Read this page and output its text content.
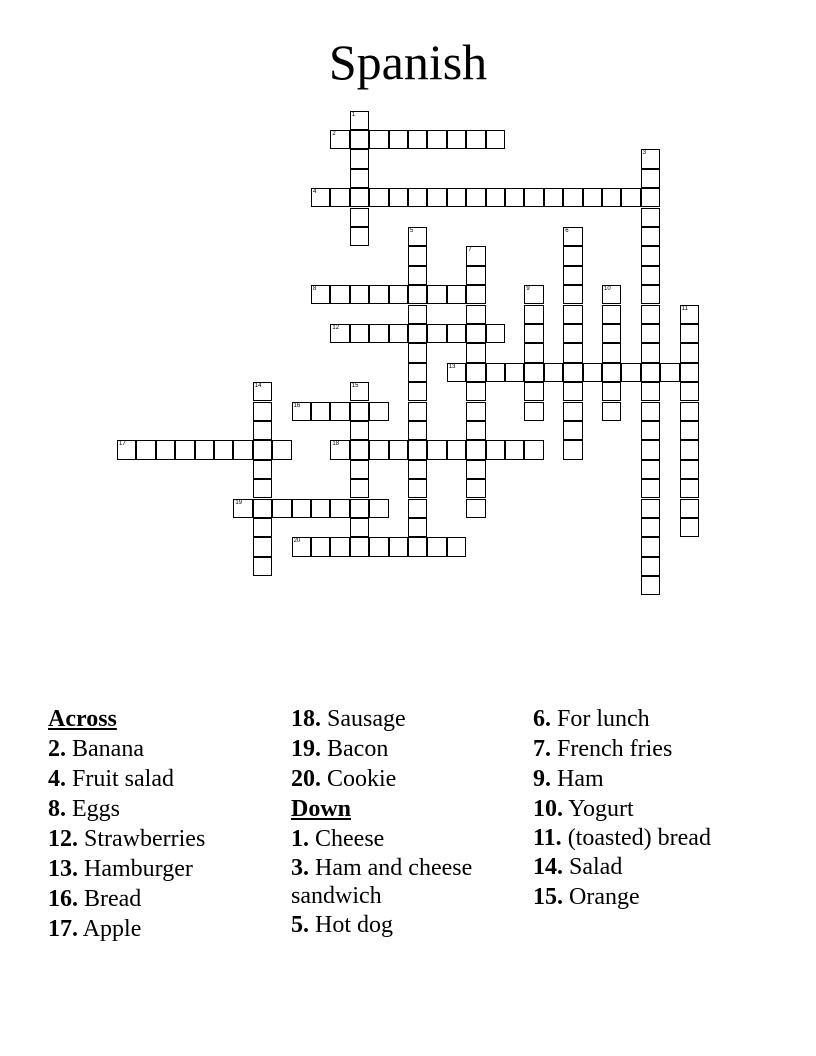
Spanish
1
2
3
4
5	6
7
8	9	10
11
12
13
14	15
16
17	18
19
20
Across
2. Banana
4. Fruit salad
8. Eggs
12. Strawberries
13. Hamburger
16. Bread
17. Apple
18. Sausage
19. Bacon
20. Cookie
Down
1. Cheese
3. Ham and cheese sandwich
5. Hot dog
6. For lunch
7. French fries
9. Ham
10. Yogurt
11. (toasted) bread
14. Salad
15. Orange
